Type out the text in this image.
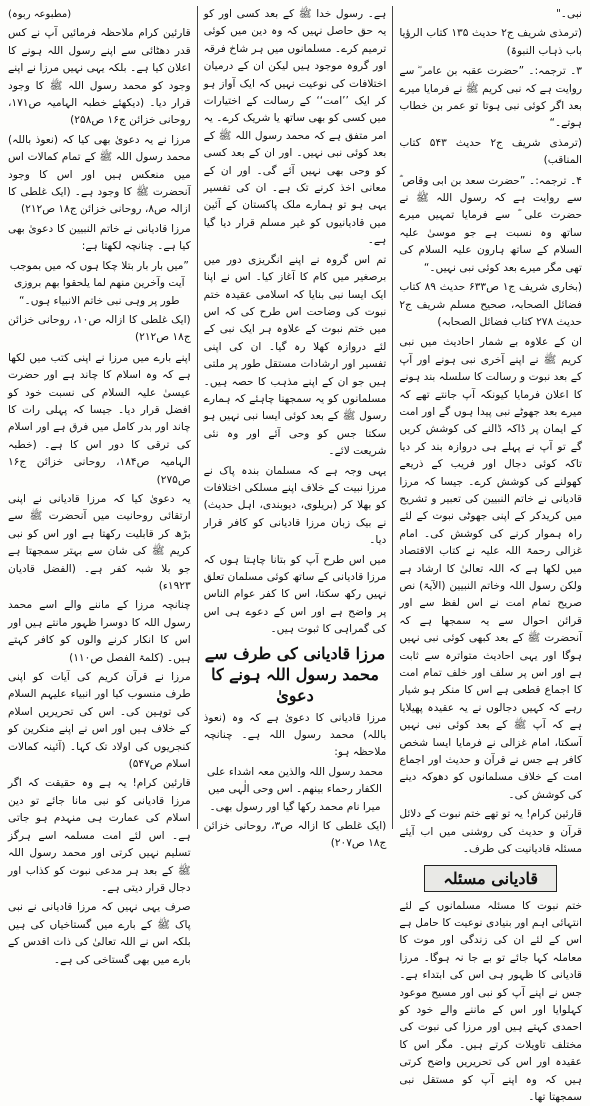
نبی۔"

(ترمذی شریف ج۲ حدیث ۱۳۵ کتاب الرؤیا باب ذہاب النبوۃ)

۳۔ ترجمہ:۔ ”حضرت عقبہ بن عامر ؓ سے روایت ہے کہ نبی کریم ﷺ نے فرمایا میرے بعد اگر کوئی نبی ہوتا تو عمر بن خطاب ہوتے۔“

(ترمذی شریف ج۲ حدیث ۵۴۳ کتاب المناقب)

۴۔ ترجمہ:۔ ”حضرت سعد بن ابی وقاص ؓ سے روایت ہے کہ رسول اللہ ﷺ نے حضرت علی ؓ سے فرمایا تمہیں میرے ساتھ وہ نسبت ہے جو موسیٰ علیہ السلام کے ساتھ ہارون علیہ السلام کی تھی مگر میرے بعد کوئی نبی نہیں۔“

(بخاری شریف ج۱ ص۶۳۳ حدیث ۸۹ کتاب فضائل الصحابہ، صحیح مسلم شریف ج۲ حدیث ۲۷۸ کتاب فضائل الصحابہ)

ان کے علاوہ بے شمار احادیث میں نبی کریم ﷺ نے اپنے آخری نبی ہونے اور آپ کے بعد نبوت و رسالت کا سلسلہ بند ہونے کا اعلان فرمایا کیونکہ آپ جانتے تھے کہ میرے بعد جھوٹے نبی پیدا ہوں گے اور امت کے ایمان پر ڈاکہ ڈالنے کی کوشش کریں گے تو آپ نے پہلے ہی دروازہ بند کر دیا تاکہ کوئی دجال اور فریب کے ذریعے کھولنے کی کوشش کرے۔ جیسا کہ مرزا قادیانی نے خاتم النبیین کی تعبیر و تشریح میں کریدکر کے اپنی جھوٹی نبوت کے لئے راہ ہموار کرنے کی کوشش کی۔ امام غزالی رحمۃ اللہ علیہ نے کتاب الاقتصاد میں لکھا ہے کہ اللہ تعالیٰ کا ارشاد ہے ولکن رسول اللہ وخاتم النبیین (الآیۃ) نص صریح تمام امت نے اس لفظ سے اور قرائن احوال سے یہ سمجھا ہے کہ آنحضرت ﷺ کے بعد کبھی کوئی نبی نہیں ہوگا اور یہی احادیث متواترہ سے ثابت ہے اور اس پر سلف اور خلف تمام امت کا اجماع قطعی ہے اس کا منکر ہو شیار رہے کہ کہیں دجالوں نے یہ عقیدہ پھیلایا ہے کہ آپ ﷺ کے بعد کوئی نبی نہیں آسکتا، امام غزالی نے فرمایا ایسا شخص کافر ہے جس نے قرآن و حدیث اور اجماع امت کے خلاف مسلمانوں کو دھوکہ دینے کی کوشش کی۔

قارئین کرام! یہ تو تھے ختم نبوت کے دلائل قرآن و حدیث کی روشنی میں اب آیئے مسئلہ قادیانیت کی طرف۔

قادیانی مسئلہ

ختم نبوت کا مسئلہ مسلمانوں کے لئے انتہائی اہم اور بنیادی نوعیت کا حامل ہے اس کے لئے ان کی زندگی اور موت کا معاملہ کہا جائے تو بے جا نہ ہوگا۔ مرزا قادیانی کا ظہور ہی اس کی ابتداء ہے۔ جس نے اپنے آپ کو نبی اور مسیح موعود کہلوایا اور اس کے ماننے والے خود کو احمدی کہتے ہیں اور مرزا کی نبوت کی مختلف تاویلات کرتے ہیں۔ مگر اس کا عقیدہ اور اس کی تحریریں واضح کرتی ہیں کہ وہ اپنے آپ کو مستقل نبی سمجھتا تھا۔

ہے۔ رسول خدا ﷺ کے بعد کسی اور کو یہ حق حاصل نہیں کہ وہ دین میں کوئی ترمیم کرے۔ مسلمانوں میں ہر شاخ فرقہ اور گروہ موجود ہیں لیکن ان کے درمیان اختلافات کی نوعیت نہیں کہ ایک آواز ہو کر ایک ’’امت‘‘ کے رسالت کے اختیارات میں کسی کو بھی ساتھ یا شریک کرے۔ یہ امر متفق ہے کہ محمد رسول اللہ ﷺ کے بعد کوئی نبی نہیں۔ اور ان کے بعد کسی کو وحی بھی نہیں آئے گی۔ اور ان کے معانی اخذ کرنے تک ہے۔ ان کی تفسیر یہی ہو تو ہمارے ملک پاکستان کے آئین میں قادیانیوں کو غیر مسلم قرار دیا گیا ہے۔

تم اس گروہ نے اپنے انگریزی دور میں برصغیر میں کام کا آغاز کیا۔ اس نے اپنا ایک ایسا نبی بنایا کہ اسلامی عقیدہ ختم نبوت کی وضاحت اس طرح کی کہ اس میں ختم نبوت کے علاوہ ہر ایک نبی کے لئے دروازہ کھلا رہ گیا۔ ان کی اپنی تفسیر اور ارشادات مستقل طور پر ملتی ہیں جو ان کے اپنے مذہب کا حصہ ہیں۔ مسلمانوں کو یہ سمجھنا چاہئے کہ ہمارے رسول ﷺ کے بعد کوئی ایسا نبی نہیں ہو سکتا جس کو وحی آئے اور وہ نئی شریعت لائے۔

یہی وجہ ہے کہ مسلمان بندہ پاک نے مرزا نبیت کے خلاف اپنے مسلکی اختلافات کو بھلا کر (بریلوی، دیوبندی، اہل حدیث) نے بیک زبان مرزا قادیانی کو کافر قرار دیا۔

میں اس طرح آپ کو بتانا چاہتا ہوں کہ مرزا قادیانی کے ساتھ کوئی مسلمان تعلق نہیں رکھ سکتا، اس کا کفر عوام الناس پر واضح ہے اور اس کے دعوے ہی اس کی گمراہی کا ثبوت ہیں۔

مرزا قادیانی کی طرف سے محمد رسول اللہ ہونے کا دعویٰ

مرزا قادیانی کا دعویٰ ہے کہ وہ (نعوذ باللہ) محمد رسول اللہ ہے۔ چنانچہ ملاحظہ ہو:

محمد رسول اللہ والذین معہ اشداء علی الکفار رحماء بینھم۔ اس وحی الٰہی میں میرا نام محمد رکھا گیا اور رسول بھی۔

(ایک غلطی کا ازالہ ص۳، روحانی خزائن ج۱۸ ص۲۰۷)

(مطبوعہ ربوہ)

قارئین کرام ملاحظہ فرمائیں آپ نے کس قدر دھٹائی سے اپنے رسول اللہ ہونے کا اعلان کیا ہے۔ بلکہ یہی نہیں مرزا نے اپنے وجود کو محمد رسول اللہ ﷺ کا وجود قرار دیا۔ (دیکھئے خطبہ الہامیہ ص۱۷۱، روحانی خزائن ج۱۶ ص۲۵۸)

مرزا نے یہ دعویٰ بھی کیا کہ (نعوذ باللہ) محمد رسول اللہ ﷺ کے تمام کمالات اس میں منعکس ہیں اور اس کا وجود آنحضرت ﷺ کا وجود ہے۔ (ایک غلطی کا ازالہ ص۸، روحانی خزائن ج۱۸ ص۲۱۲)

مرزا قادیانی نے خاتم النبیین کا دعویٰ بھی کیا ہے۔ چنانچہ لکھتا ہے:

”میں بار بار بتلا چکا ہوں کہ میں بموجب آیت وآخرین منھم لما یلحقوا بھم بروزی طور پر وہی نبی خاتم الانبیاء ہوں۔“

(ایک غلطی کا ازالہ ص۱۰، روحانی خزائن ج۱۸ ص۲۱۲)

اپنے بارے میں مرزا نے اپنی کتب میں لکھا ہے کہ وہ اسلام کا چاند ہے اور حضرت عیسیٰ علیہ السلام کی نسبت خود کو افضل قرار دیا۔ جیسا کہ پہلی رات کا چاند اور بدر کامل میں فرق ہے اور اسلام کی ترقی کا دور اس کا ہے۔ (خطبہ الہامیہ ص۱۸۴، روحانی خزائن ج۱۶ ص۲۷۵)

یہ دعویٰ کیا کہ مرزا قادیانی نے اپنی ارتقائی روحانیت میں آنحضرت ﷺ سے بڑھ کر قابلیت رکھتا ہے اور اس کو نبی کریم ﷺ کی شان سے بہتر سمجھتا ہے جو بلا شبہ کفر ہے۔ (الفضل قادیان ۱۹۲۳ء)

چنانچہ مرزا کے ماننے والے اسے محمد رسول اللہ کا دوسرا ظہور مانتے ہیں اور اس کا انکار کرنے والوں کو کافر کہتے ہیں۔ (کلمۃ الفصل ص۱۱۰)

مرزا نے قرآن کریم کی آیات کو اپنی طرف منسوب کیا اور انبیاء علیہم السلام کی توہین کی۔ اس کی تحریریں اسلام کے خلاف ہیں اور اس نے اپنے منکرین کو کنجریوں کی اولاد تک کہا۔ (آئینہ کمالات اسلام ص۵۴۷)

قارئین کرام! یہ ہے وہ حقیقت کہ اگر مرزا قادیانی کو نبی مانا جائے تو دین اسلام کی عمارت ہی منہدم ہو جاتی ہے۔ اس لئے امت مسلمہ اسے ہرگز تسلیم نہیں کرتی اور محمد رسول اللہ ﷺ کے بعد ہر مدعی نبوت کو کذاب اور دجال قرار دیتی ہے۔

صرف یہی نہیں کہ مرزا قادیانی نے نبی پاک ﷺ کے بارے میں گستاخیاں کی ہیں بلکہ اس نے اللہ تعالیٰ کی ذات اقدس کے بارے میں بھی گستاخی کی ہے۔
